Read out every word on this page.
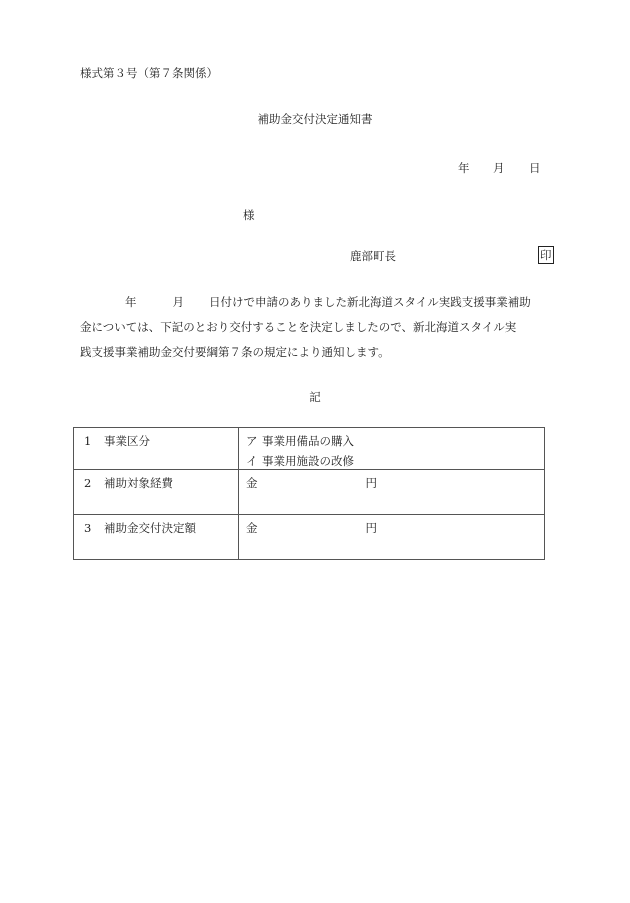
様式第３号（第７条関係）
補助金交付決定通知書
年 月 日
様
鹿部町長	印
年	月 日付けで申請のありました新北海道スタイル実践支援事業補助
金については、下記のとおり交付することを決定しましたので、新北海道スタイル実
践支援事業補助金交付要綱第７条の規定により通知します。
記
1 事業区分	ア 事業用備品の購入
イ 事業用施設の改修

2 補助対象経費	金 円

3 補助金交付決定額	金 円
